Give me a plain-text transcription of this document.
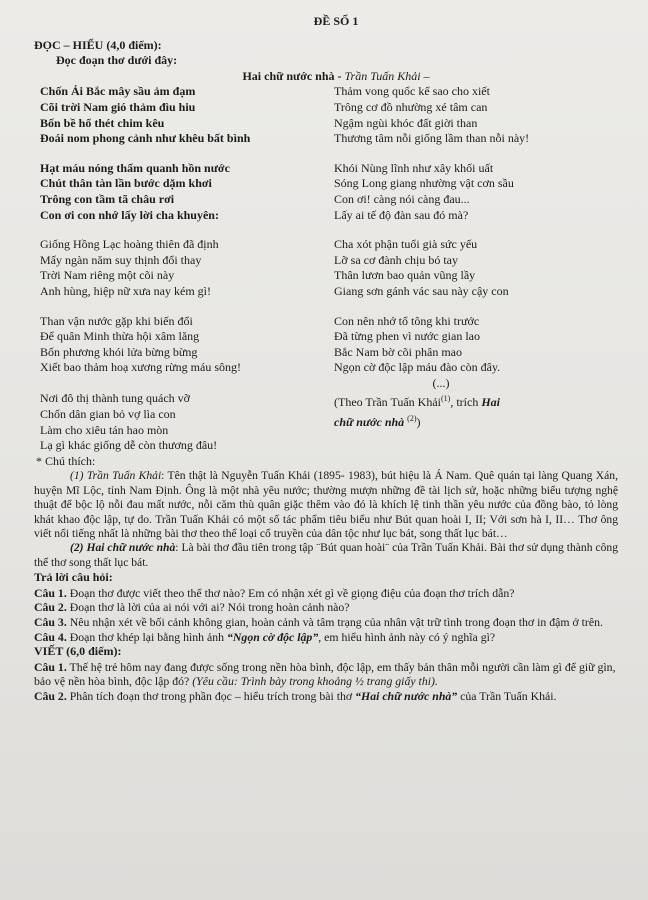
ĐỀ SỐ 1
ĐỌC – HIỂU (4,0 điểm):
Đọc đoạn thơ dưới đây:
Hai chữ nước nhà - Trần Tuấn Khải –
Chốn Ải Bắc mây sầu ảm đạm
Cõi trời Nam gió thảm đìu hiu
Bốn bề hổ thét chim kêu
Đoái nom phong cảnh như khêu bất bình
Thảm vong quốc kể sao cho xiết
Trông cơ đồ nhường xé tâm can
Ngậm ngùi khóc đất giời than
Thương tâm nỗi giống lầm than nỗi này!
Hạt máu nóng thấm quanh hồn nước
Chút thân tàn lần bước dặm khơi
Trông con tầm tã châu rơi
Con ơi con nhớ lấy lời cha khuyên:
Khói Nùng lĩnh như xây khối uất
Sóng Long giang nhường vật cơn sầu
Con ơi! càng nói càng đau...
Lấy ai tế độ đàn sau đó mà?
Giống Hồng Lạc hoàng thiên đã định
Mấy ngàn năm suy thịnh đổi thay
Trời Nam riêng một cõi này
Anh hùng, hiệp nữ xưa nay kém gì!
Cha xót phận tuổi già sức yếu
Lỡ sa cơ đành chịu bó tay
Thân lươn bao quản vũng lầy
Giang sơn gánh vác sau này cậy con
Than vận nước gặp khi biến đổi
Để quân Minh thừa hội xâm lăng
Bốn phương khói lửa bừng bừng
Xiết bao thảm hoạ xương rừng máu sông!
Con nên nhớ tổ tông khi trước
Đã từng phen vì nước gian lao
Bắc Nam bờ cõi phân mao
Ngọn cờ độc lập máu đào còn đây.
(...)
Nơi đô thị thành tung quách vỡ
Chốn dân gian bỏ vợ lìa con
Làm cho xiêu tán hao mòn
Lạ gì khác giống dễ còn thương đâu!
(Theo Trần Tuấn Khải$^{(1)}$, trích Hai
chữ nước nhà $^{(2)}$)
* Chú thích:
(1) Trần Tuấn Khải: Tên thật là Nguyễn Tuấn Khải (1895- 1983), bút hiệu là Á Nam. Quê quán tại làng Quang Xán, huyện Mĩ Lộc, tỉnh Nam Định. Ông là một nhà yêu nước; thường mượn những đề tài lịch sử, hoặc những biểu tượng nghệ thuật để bộc lộ nỗi đau mất nước, nỗi căm thù quân giặc thêm vào đó là khích lệ tinh thần yêu nước của đồng bào, tỏ lòng khát khao độc lập, tự do. Trần Tuấn Khải có một số tác phẩm tiêu biểu như Bút quan hoài I, II; Với sơn hà I, II… Thơ ông viết nổi tiếng nhất là những bài thơ theo thể loại cổ truyền của dân tộc như lục bát, song thất lục bát…
(2) Hai chữ nước nhà: Là bài thơ đầu tiên trong tập ¨Bút quan hoài¨ của Trần Tuấn Khải. Bài thơ sử dụng thành công thể thơ song thất lục bát.
Trả lời câu hỏi:
Câu 1. Đoạn thơ được viết theo thể thơ nào? Em có nhận xét gì về giọng điệu của đoạn thơ trích dẫn?
Câu 2. Đoạn thơ là lời của ai nói với ai? Nói trong hoàn cảnh nào?
Câu 3. Nêu nhận xét về bối cảnh không gian, hoàn cảnh và tâm trạng của nhân vật trữ tình trong đoạn thơ in đậm ở trên.
Câu 4. Đoạn thơ khép lại bằng hình ảnh “Ngọn cờ độc lập”, em hiểu hình ảnh này có ý nghĩa gì?
VIẾT (6,0 điểm):
Câu 1. Thế hệ trẻ hôm nay đang được sống trong nền hòa bình, độc lập, em thấy bản thân mỗi người cần làm gì để giữ gìn, bảo vệ nền hòa bình, độc lập đó? (Yêu cầu: Trình bày trong khoảng ½ trang giấy thi).
Câu 2. Phân tích đoạn thơ trong phần đọc – hiểu trích trong bài thơ “Hai chữ nước nhà” của Trần Tuấn Khải.
